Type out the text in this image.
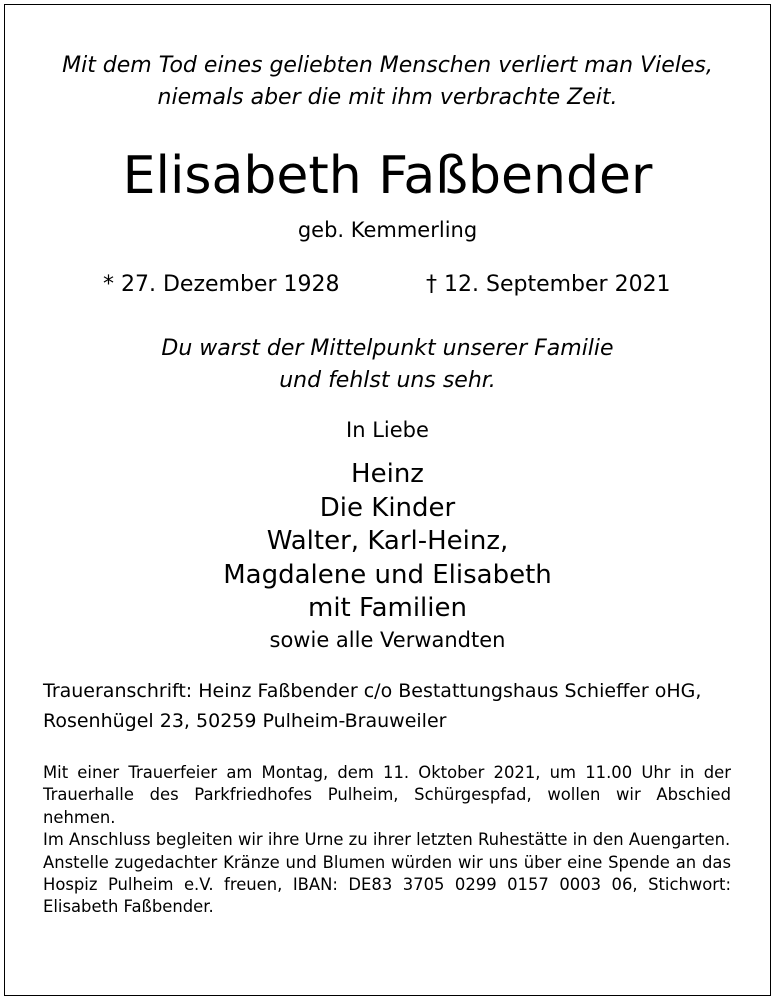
Mit dem Tod eines geliebten Menschen verliert man Vieles,
niemals aber die mit ihm verbrachte Zeit.
Elisabeth Faßbender
geb. Kemmerling
* 27. Dezember 1928	† 12. September 2021
Du warst der Mittelpunkt unserer Familie
und fehlst uns sehr.
In Liebe
Heinz
Die Kinder
Walter, Karl-Heinz,
Magdalene und Elisabeth
mit Familien
sowie alle Verwandten
Traueranschrift: Heinz Faßbender c/o Bestattungshaus Schieffer oHG,
Rosenhügel 23, 50259 Pulheim-Brauweiler

Mit einer Trauerfeier am Montag, dem 11. Oktober 2021, um 11.00 Uhr in der Trauerhalle des Parkfriedhofes Pulheim, Schürgespfad, wollen wir Abschied nehmen.

Im Anschluss begleiten wir ihre Urne zu ihrer letzten Ruhestätte in den Auengarten.

Anstelle zugedachter Kränze und Blumen würden wir uns über eine Spende an das Hospiz Pulheim e.V. freuen, IBAN: DE83 3705 0299 0157 0003 06, Stichwort: Elisabeth Faßbender.
